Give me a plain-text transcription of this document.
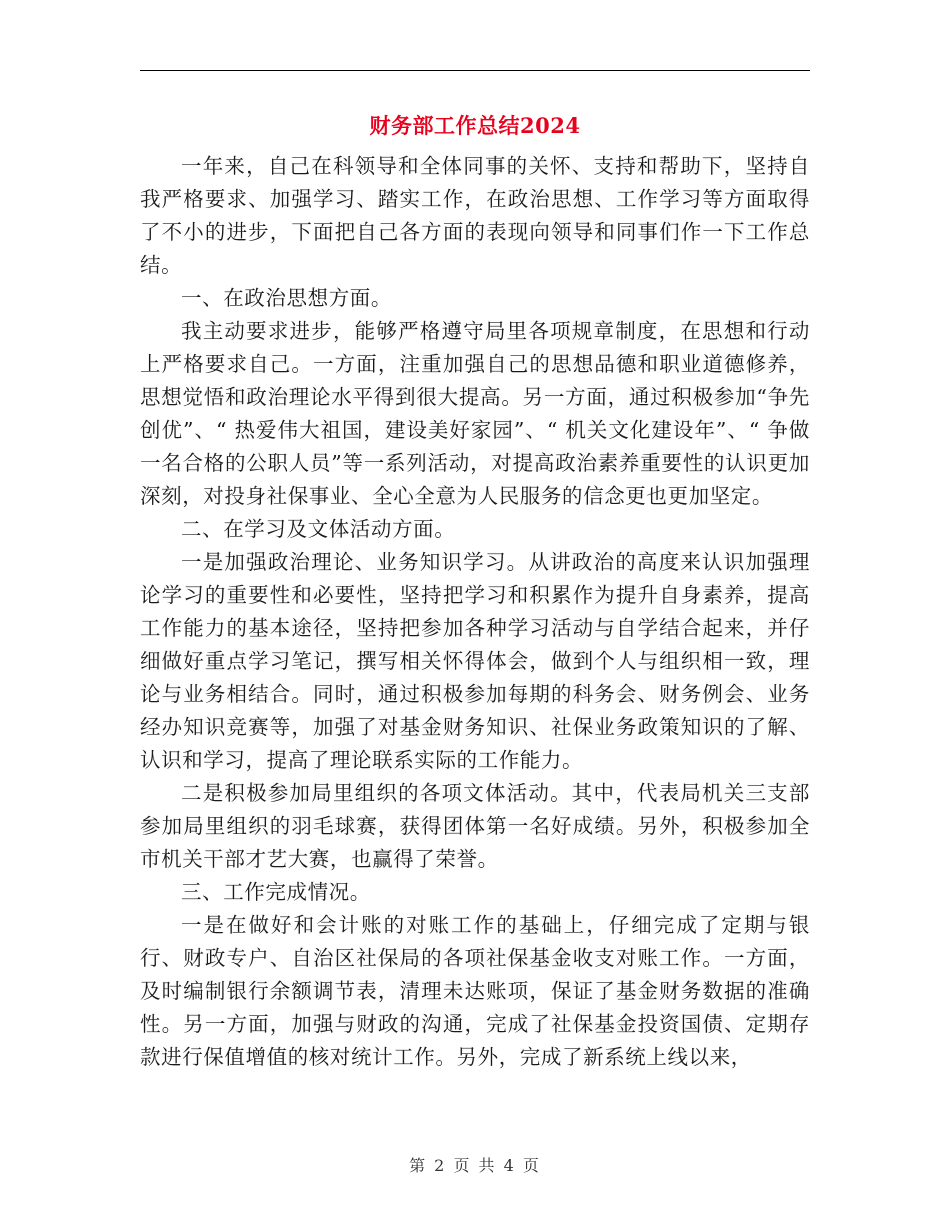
财务部工作总结2024

一年来，自己在科领导和全体同事的关怀、支持和帮助下，坚持自我严格要求、加强学习、踏实工作，在政治思想、工作学习等方面取得了不小的进步，下面把自己各方面的表现向领导和同事们作一下工作总结。

一、在政治思想方面。

我主动要求进步，能够严格遵守局里各项规章制度，在思想和行动上严格要求自己。一方面，注重加强自己的思想品德和职业道德修养，思想觉悟和政治理论水平得到很大提高。另一方面，通过积极参加“争先创优”、“ 热爱伟大祖国，建设美好家园”、“ 机关文化建设年”、“ 争做一名合格的公职人员”等一系列活动，对提高政治素养重要性的认识更加深刻，对投身社保事业、全心全意为人民服务的信念更也更加坚定。

二、在学习及文体活动方面。

一是加强政治理论、业务知识学习。从讲政治的高度来认识加强理论学习的重要性和必要性，坚持把学习和积累作为提升自身素养，提高工作能力的基本途径，坚持把参加各种学习活动与自学结合起来，并仔细做好重点学习笔记，撰写相关怀得体会，做到个人与组织相一致，理论与业务相结合。同时，通过积极参加每期的科务会、财务例会、业务经办知识竞赛等，加强了对基金财务知识、社保业务政策知识的了解、认识和学习，提高了理论联系实际的工作能力。

二是积极参加局里组织的各项文体活动。其中，代表局机关三支部参加局里组织的羽毛球赛，获得团体第一名好成绩。另外，积极参加全市机关干部才艺大赛，也赢得了荣誉。

三、工作完成情况。

一是在做好和会计账的对账工作的基础上，仔细完成了定期与银行、财政专户、自治区社保局的各项社保基金收支对账工作。一方面，及时编制银行余额调节表，清理未达账项，保证了基金财务数据的准确性。另一方面，加强与财政的沟通，完成了社保基金投资国债、定期存款进行保值增值的核对统计工作。另外，完成了新系统上线以来，

第 2 页 共 4 页
